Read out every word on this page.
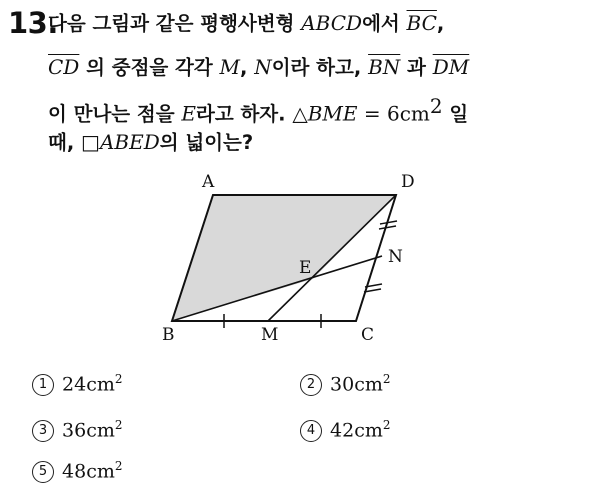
13.
다음 그림과 같은 평행사변형 ABCD에서 $\overline{BC}$,
$\overline{CD}$ 의 중점을 각각 M, N이라 하고, $\overline{BN}$ 과 $\overline{DM}$
이 만나는 점을 E라고 하자. △BME = $6cm^2$ 일
때, □ABED의 넓이는?
A	D
E
N
B	M	C
1 $24cm^2$	2 $30cm^2$
3 $36cm^2$	4 $42cm^2$
5 $48cm^2$
